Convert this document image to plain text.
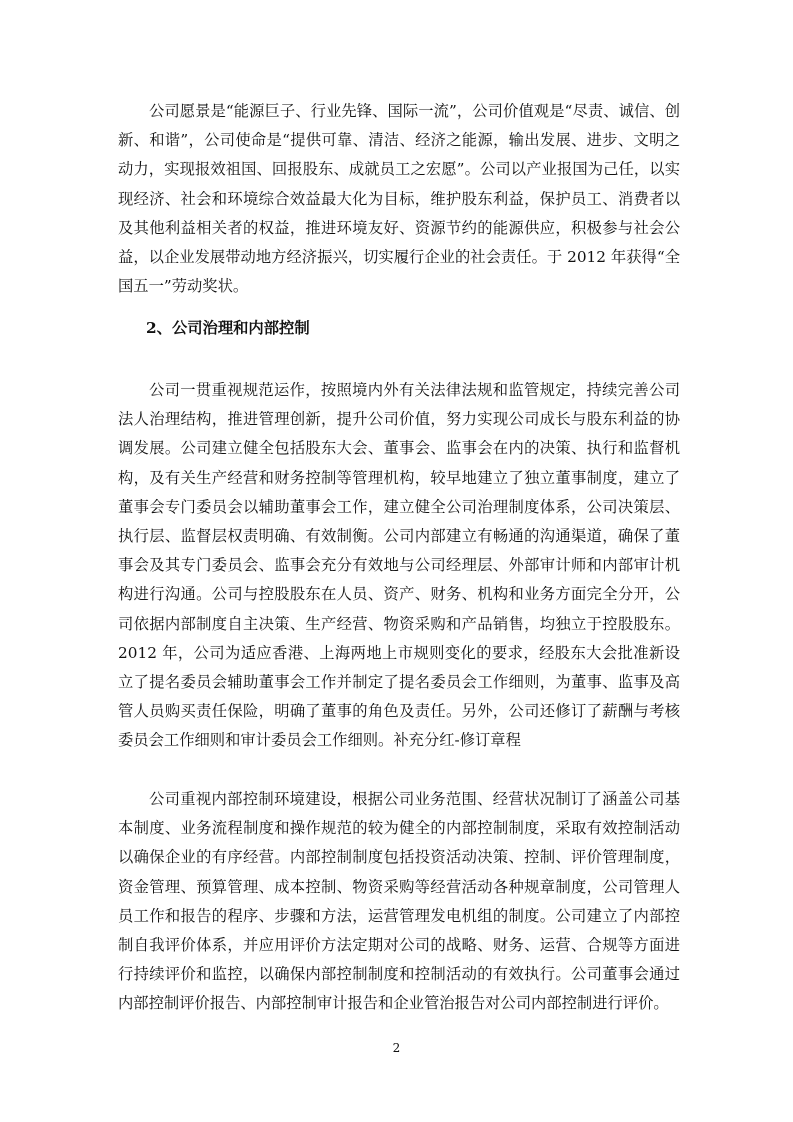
公司愿景是“能源巨子、行业先锋、国际一流”，公司价值观是“尽责、诚信、创新、和谐”，公司使命是“提供可靠、清洁、经济之能源，输出发展、进步、文明之动力，实现报效祖国、回报股东、成就员工之宏愿”。公司以产业报国为己任，以实现经济、社会和环境综合效益最大化为目标，维护股东利益，保护员工、消费者以及其他利益相关者的权益，推进环境友好、资源节约的能源供应，积极参与社会公益，以企业发展带动地方经济振兴，切实履行企业的社会责任。于 2012 年获得“全国五一”劳动奖状。

2、公司治理和内部控制

公司一贯重视规范运作，按照境内外有关法律法规和监管规定，持续完善公司法人治理结构，推进管理创新，提升公司价值，努力实现公司成长与股东利益的协调发展。公司建立健全包括股东大会、董事会、监事会在内的决策、执行和监督机构，及有关生产经营和财务控制等管理机构，较早地建立了独立董事制度，建立了董事会专门委员会以辅助董事会工作，建立健全公司治理制度体系，公司决策层、执行层、监督层权责明确、有效制衡。公司内部建立有畅通的沟通渠道，确保了董事会及其专门委员会、监事会充分有效地与公司经理层、外部审计师和内部审计机构进行沟通。公司与控股股东在人员、资产、财务、机构和业务方面完全分开，公司依据内部制度自主决策、生产经营、物资采购和产品销售，均独立于控股股东。2012 年，公司为适应香港、上海两地上市规则变化的要求，经股东大会批准新设立了提名委员会辅助董事会工作并制定了提名委员会工作细则，为董事、监事及高管人员购买责任保险，明确了董事的角色及责任。另外，公司还修订了薪酬与考核委员会工作细则和审计委员会工作细则。补充分红-修订章程

公司重视内部控制环境建设，根据公司业务范围、经营状况制订了涵盖公司基本制度、业务流程制度和操作规范的较为健全的内部控制制度，采取有效控制活动以确保企业的有序经营。内部控制制度包括投资活动决策、控制、评价管理制度，资金管理、预算管理、成本控制、物资采购等经营活动各种规章制度，公司管理人员工作和报告的程序、步骤和方法，运营管理发电机组的制度。公司建立了内部控制自我评价体系，并应用评价方法定期对公司的战略、财务、运营、合规等方面进行持续评价和监控，以确保内部控制制度和控制活动的有效执行。公司董事会通过内部控制评价报告、内部控制审计报告和企业管治报告对公司内部控制进行评价。

2
